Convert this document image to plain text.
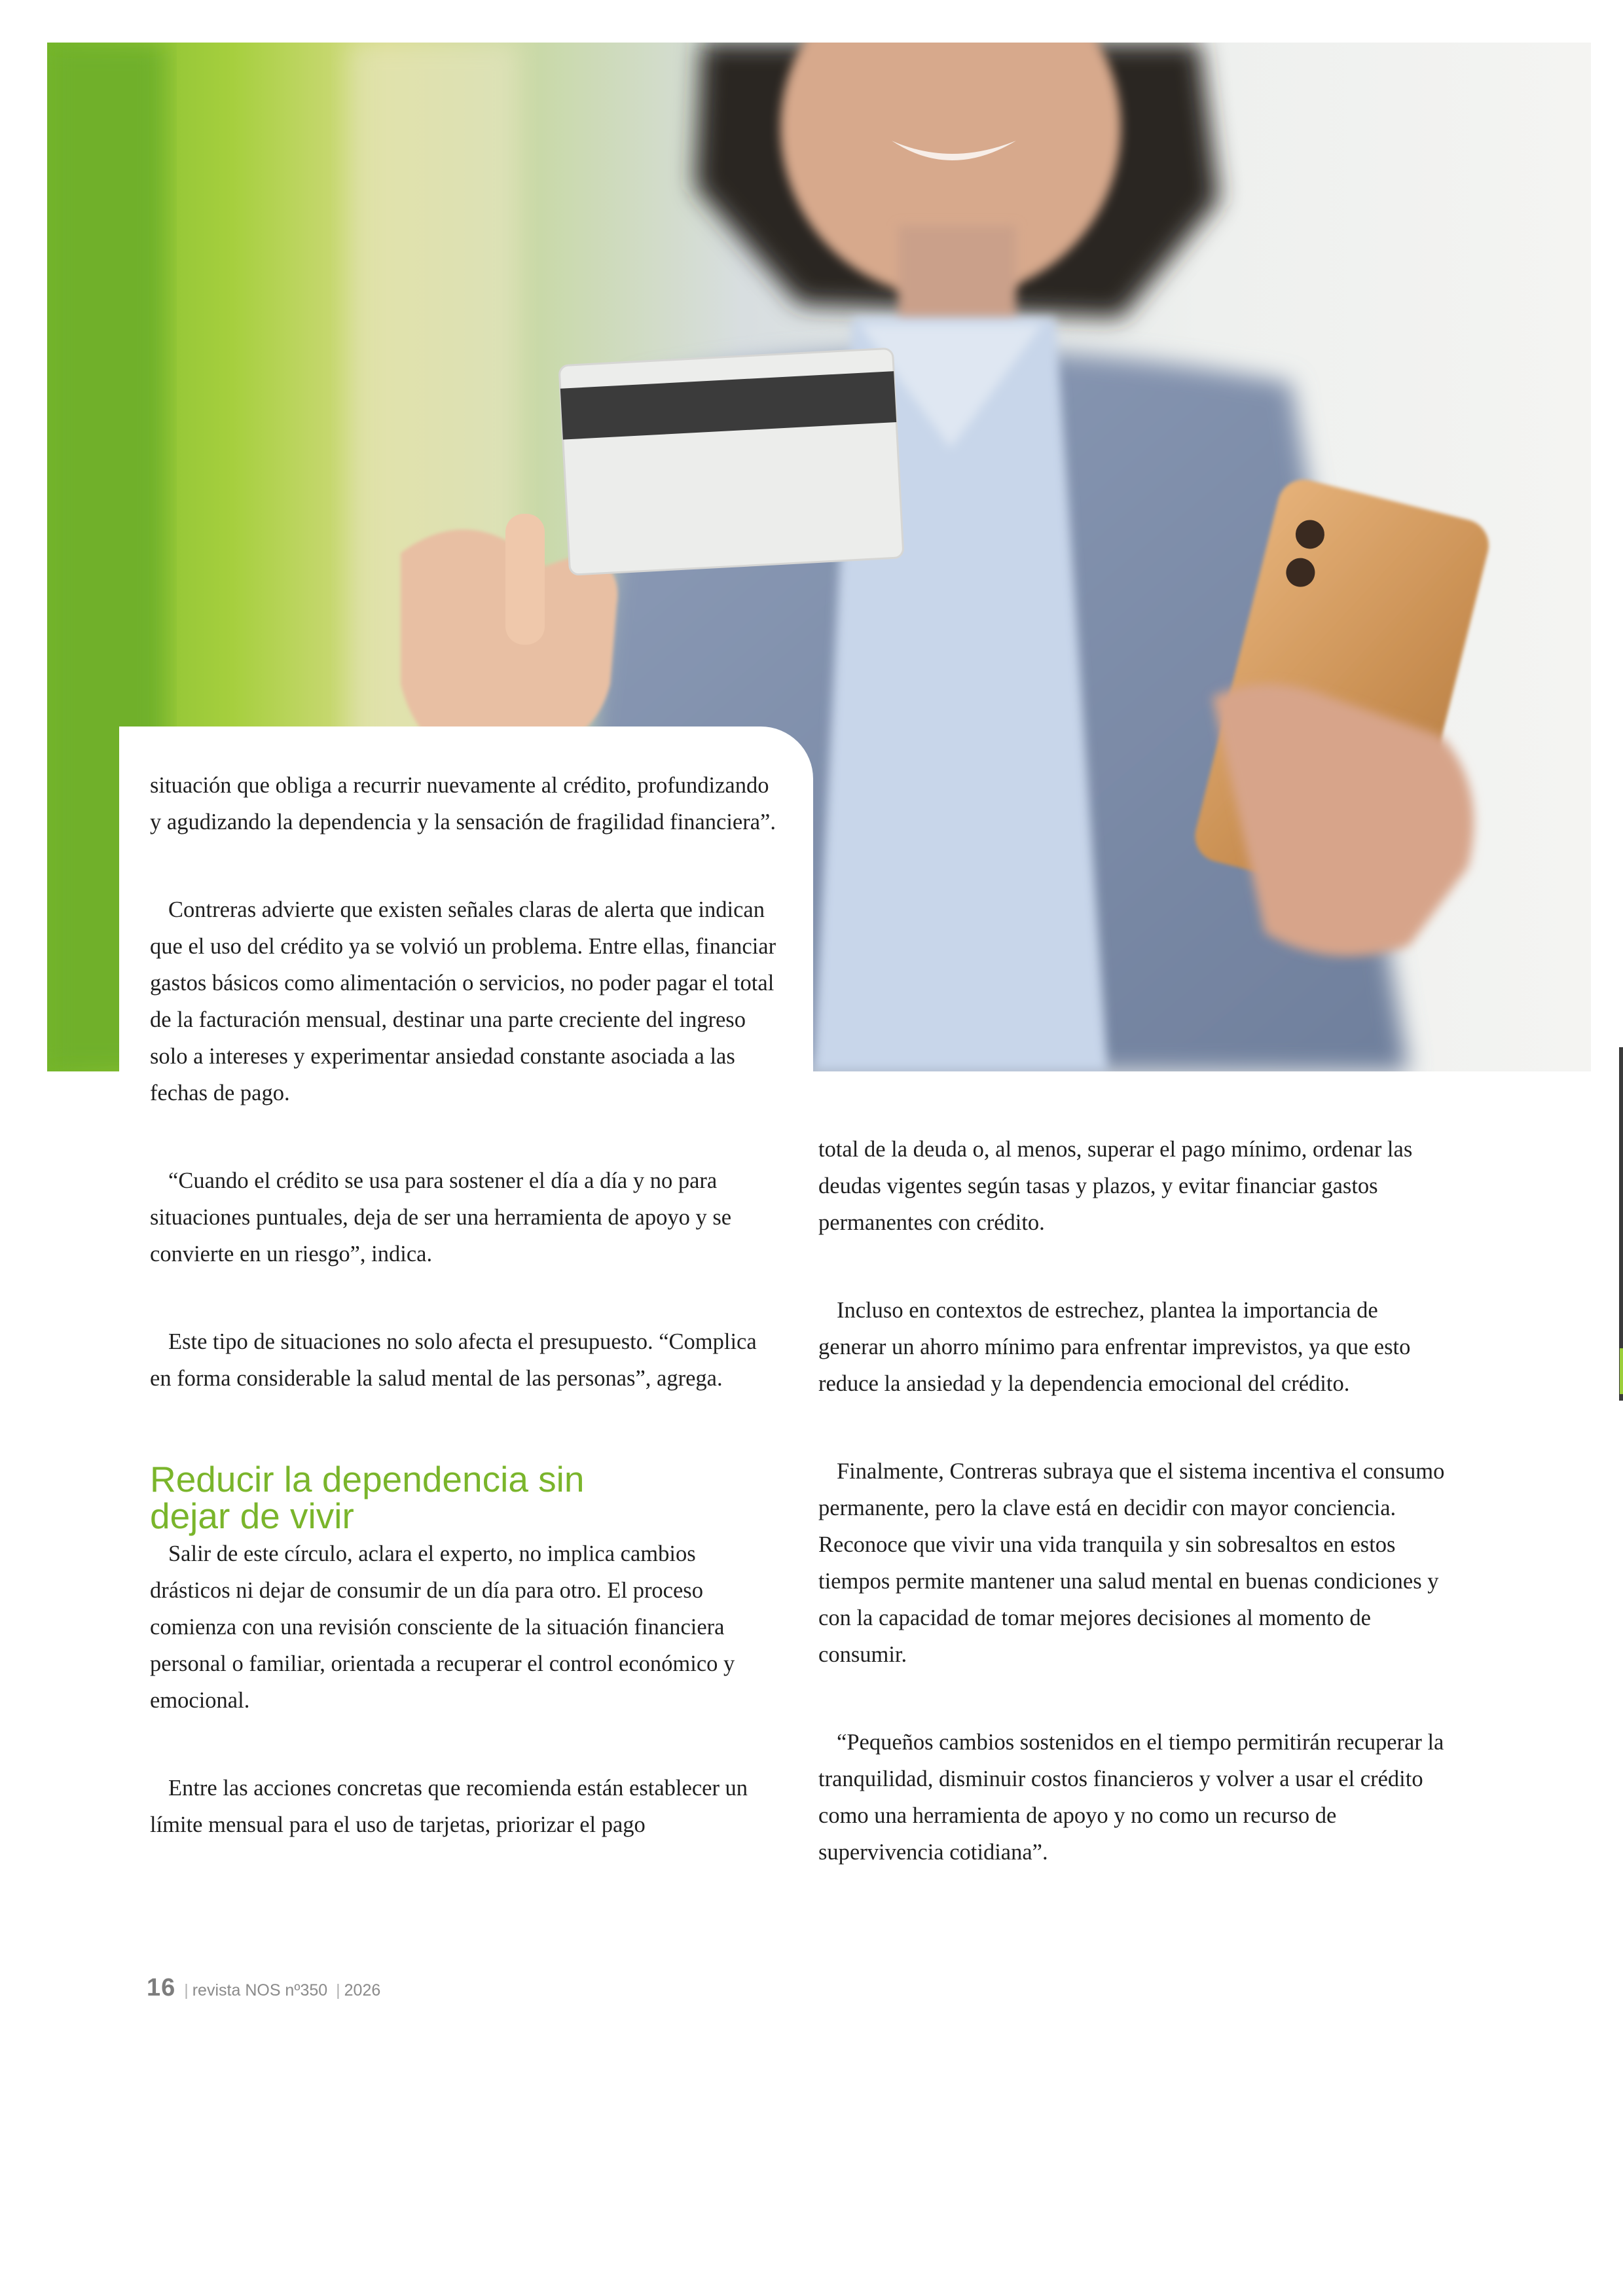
situación que obliga a recurrir nuevamente al crédito, profundizando y agudizando la dependencia y la sensación de fragilidad financiera”.

Contreras advierte que existen señales claras de alerta que indican que el uso del crédito ya se volvió un problema. Entre ellas, financiar gastos básicos como alimentación o servicios, no poder pagar el total de la facturación mensual, destinar una parte creciente del ingreso solo a intereses y experimentar ansiedad constante asociada a las fechas de pago.

“Cuando el crédito se usa para sostener el día a día y no para situaciones puntuales, deja de ser una herramienta de apoyo y se convierte en un riesgo”, indica.

Este tipo de situaciones no solo afecta el presupuesto. “Complica en forma considerable la salud mental de las personas”, agrega.

Reducir la dependencia sin
dejar de vivir

Salir de este círculo, aclara el experto, no implica cambios drásticos ni dejar de consumir de un día para otro. El proceso comienza con una revisión consciente de la situación financiera personal o familiar, orientada a recuperar el control económico y emocional.

Entre las acciones concretas que recomienda están establecer un límite mensual para el uso de tarjetas, priorizar el pago

total de la deuda o, al menos, superar el pago mínimo, ordenar las deudas vigentes según tasas y plazos, y evitar financiar gastos permanentes con crédito.

Incluso en contextos de estrechez, plantea la importancia de generar un ahorro mínimo para enfrentar imprevistos, ya que esto reduce la ansiedad y la dependencia emocional del crédito.

Finalmente, Contreras subraya que el sistema incentiva el consumo permanente, pero la clave está en decidir con mayor conciencia. Reconoce que vivir una vida tranquila y sin sobresaltos en estos tiempos permite mantener una salud mental en buenas condiciones y con la capacidad de tomar mejores decisiones al momento de consumir.

“Pequeños cambios sostenidos en el tiempo permitirán recuperar la tranquilidad, disminuir costos financieros y volver a usar el crédito como una herramienta de apoyo y no como un recurso de supervivencia cotidiana”.

16 | revista NOS nº350 | 2026
